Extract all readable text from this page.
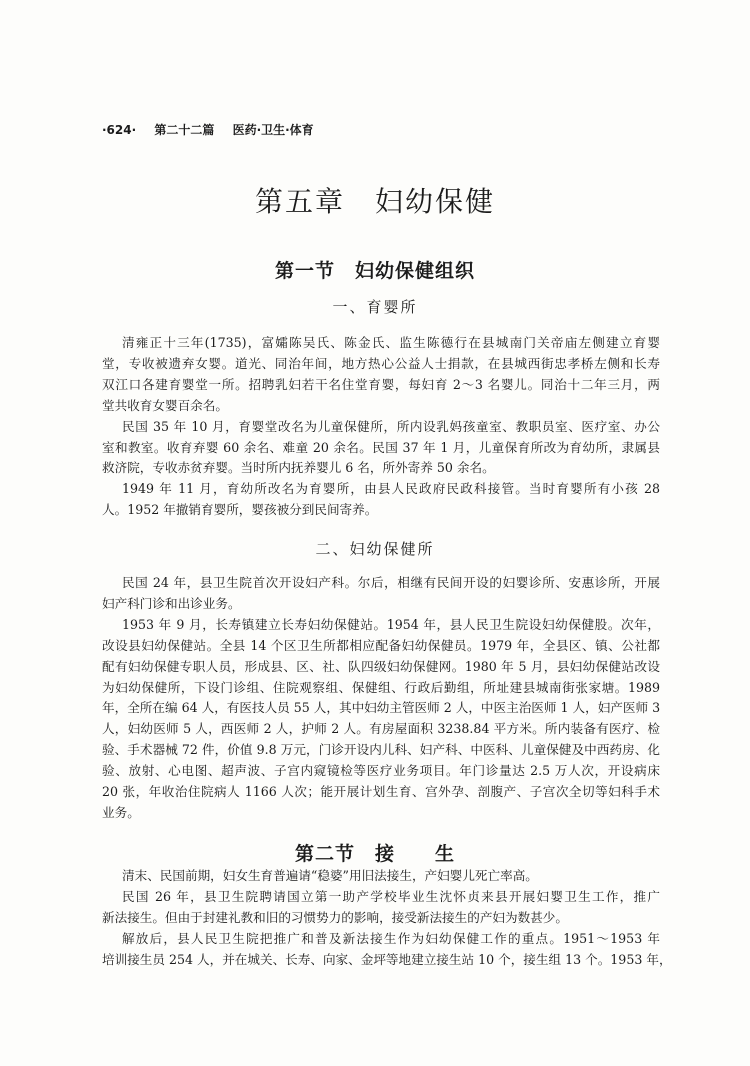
·624· 第二十二篇 医药·卫生·体育
第五章　妇幼保健
第一节　妇幼保健组织
一、育婴所
二、妇幼保健所
第二节　接　　生
清雍正十三年(1735)，富孀陈吴氏、陈金氏、监生陈德行在县城南门关帝庙左侧建立育婴
堂，专收被遗弃女婴。道光、同治年间，地方热心公益人士捐款，在县城西街忠孝桥左侧和长寿
双江口各建育婴堂一所。招聘乳妇若干名住堂育婴，每妇育 2～3 名婴儿。同治十二年三月，两
堂共收育女婴百余名。
民国 35 年 10 月，育婴堂改名为儿童保健所，所内设乳妈孩童室、教职员室、医疗室、办公
室和教室。收育弃婴 60 余名、难童 20 余名。民国 37 年 1 月，儿童保育所改为育幼所，隶属县
救济院，专收赤贫弃婴。当时所内抚养婴儿 6 名，所外寄养 50 余名。
1949 年 11 月，育幼所改名为育婴所，由县人民政府民政科接管。当时育婴所有小孩 28
人。1952 年撤销育婴所，婴孩被分到民间寄养。
民国 24 年，县卫生院首次开设妇产科。尔后，相继有民间开设的妇婴诊所、安惠诊所，开展
妇产科门诊和出诊业务。
1953 年 9 月，长寿镇建立长寿妇幼保健站。1954 年，县人民卫生院设妇幼保健股。次年，
改设县妇幼保健站。全县 14 个区卫生所都相应配备妇幼保健员。1979 年，全县区、镇、公社都
配有妇幼保健专职人员，形成县、区、社、队四级妇幼保健网。1980 年 5 月，县妇幼保健站改设
为妇幼保健所，下设门诊组、住院观察组、保健组、行政后勤组，所址建县城南街张家塘。1989
年，全所在编 64 人，有医技人员 55 人，其中妇幼主管医师 2 人，中医主治医师 1 人，妇产医师 3
人，妇幼医师 5 人，西医师 2 人，护师 2 人。有房屋面积 3238.84 平方米。所内装备有医疗、检
验、手术器械 72 件，价值 9.8 万元，门诊开设内儿科、妇产科、中医科、儿童保健及中西药房、化
验、放射、心电图、超声波、子宫内窥镜检等医疗业务项目。年门诊量达 2.5 万人次，开设病床
20 张，年收治住院病人 1166 人次；能开展计划生育、宫外孕、剖腹产、子宫次全切等妇科手术
业务。
清末、民国前期，妇女生育普遍请“稳婆”用旧法接生，产妇婴儿死亡率高。
民国 26 年，县卫生院聘请国立第一助产学校毕业生沈怀贞来县开展妇婴卫生工作，推广
新法接生。但由于封建礼教和旧的习惯势力的影响，接受新法接生的产妇为数甚少。
解放后，县人民卫生院把推广和普及新法接生作为妇幼保健工作的重点。1951～1953 年
培训接生员 254 人，并在城关、长寿、向家、金坪等地建立接生站 10 个，接生组 13 个。1953 年，
